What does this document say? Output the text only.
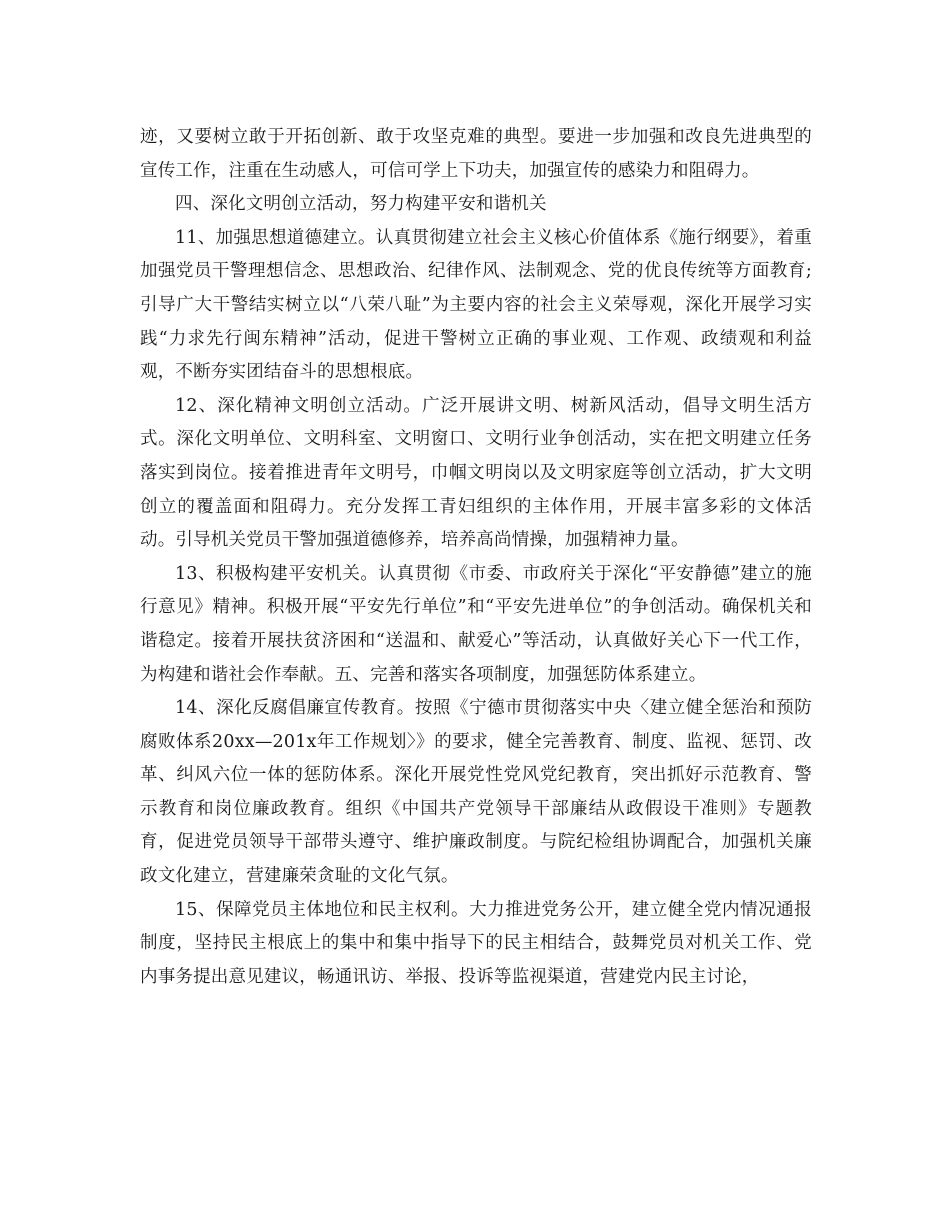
迹，又要树立敢于开拓创新、敢于攻坚克难的典型。要进一步加强和改良先进典型的宣传工作，注重在生动感人，可信可学上下功夫，加强宣传的感染力和阻碍力。

四、深化文明创立活动，努力构建平安和谐机关

11、加强思想道德建立。认真贯彻建立社会主义核心价值体系《施行纲要》，着重加强党员干警理想信念、思想政治、纪律作风、法制观念、党的优良传统等方面教育;引导广大干警结实树立以“八荣八耻”为主要内容的社会主义荣辱观，深化开展学习实践“力求先行闽东精神”活动，促进干警树立正确的事业观、工作观、政绩观和利益观，不断夯实团结奋斗的思想根底。

12、深化精神文明创立活动。广泛开展讲文明、树新风活动，倡导文明生活方式。深化文明单位、文明科室、文明窗口、文明行业争创活动，实在把文明建立任务落实到岗位。接着推进青年文明号，巾帼文明岗以及文明家庭等创立活动，扩大文明创立的覆盖面和阻碍力。充分发挥工青妇组织的主体作用，开展丰富多彩的文体活动。引导机关党员干警加强道德修养，培养高尚情操，加强精神力量。

13、积极构建平安机关。认真贯彻《市委、市政府关于深化“平安静德”建立的施行意见》精神。积极开展“平安先行单位”和“平安先进单位”的争创活动。确保机关和谐稳定。接着开展扶贫济困和“送温和、献爱心”等活动，认真做好关心下一代工作，为构建和谐社会作奉献。五、完善和落实各项制度，加强惩防体系建立。

14、深化反腐倡廉宣传教育。按照《宁德市贯彻落实中央〈建立健全惩治和预防腐败体系20xx—201x年工作规划〉》的要求，健全完善教育、制度、监视、惩罚、改革、纠风六位一体的惩防体系。深化开展党性党风党纪教育，突出抓好示范教育、警示教育和岗位廉政教育。组织《中国共产党领导干部廉结从政假设干准则》专题教育，促进党员领导干部带头遵守、维护廉政制度。与院纪检组协调配合，加强机关廉政文化建立，营建廉荣贪耻的文化气氛。

15、保障党员主体地位和民主权利。大力推进党务公开，建立健全党内情况通报制度，坚持民主根底上的集中和集中指导下的民主相结合，鼓舞党员对机关工作、党内事务提出意见建议，畅通讯访、举报、投诉等监视渠道，营建党内民主讨论，
